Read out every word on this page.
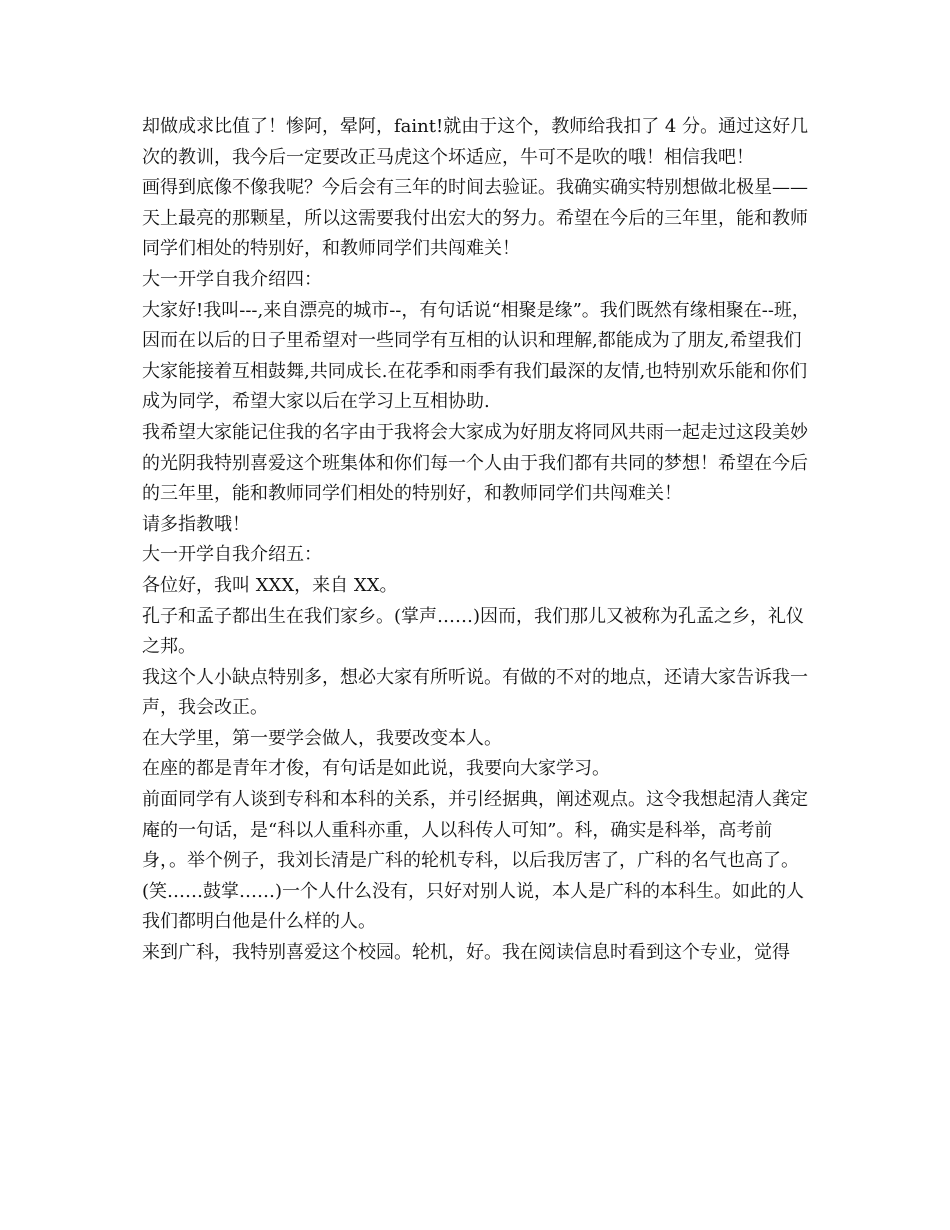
却做成求比值了！惨阿，晕阿，faint!就由于这个，教师给我扣了 4 分。通过这好几次的教训，我今后一定要改正马虎这个坏适应，牛可不是吹的哦！相信我吧！

画得到底像不像我呢？今后会有三年的时间去验证。我确实确实特别想做北极星——天上最亮的那颗星，所以这需要我付出宏大的努力。希望在今后的三年里，能和教师同学们相处的特别好，和教师同学们共闯难关！

大一开学自我介绍四：

大家好!我叫---,来自漂亮的城市--，有句话说“相聚是缘”。我们既然有缘相聚在--班，因而在以后的日子里希望对一些同学有互相的认识和理解,都能成为了朋友,希望我们大家能接着互相鼓舞,共同成长.在花季和雨季有我们最深的友情,也特别欢乐能和你们成为同学，希望大家以后在学习上互相协助.

我希望大家能记住我的名字由于我将会大家成为好朋友将同风共雨一起走过这段美妙的光阴我特别喜爱这个班集体和你们每一个人由于我们都有共同的梦想！希望在今后的三年里，能和教师同学们相处的特别好，和教师同学们共闯难关！

请多指教哦！

大一开学自我介绍五：

各位好，我叫 XXX，来自 XX。

孔子和孟子都出生在我们家乡。(掌声……)因而，我们那儿又被称为孔孟之乡，礼仪之邦。

我这个人小缺点特别多，想必大家有所听说。有做的不对的地点，还请大家告诉我一声，我会改正。

在大学里，第一要学会做人，我要改变本人。

在座的都是青年才俊，有句话是如此说，我要向大家学习。

前面同学有人谈到专科和本科的关系，并引经据典，阐述观点。这令我想起清人龚定庵的一句话，是“科以人重科亦重，人以科传人可知”。科，确实是科举，高考前身，。举个例子，我刘长清是广科的轮机专科，以后我厉害了，广科的名气也高了。(笑……鼓掌……)一个人什么没有，只好对别人说，本人是广科的本科生。如此的人我们都明白他是什么样的人。

来到广科，我特别喜爱这个校园。轮机，好。我在阅读信息时看到这个专业，觉得
